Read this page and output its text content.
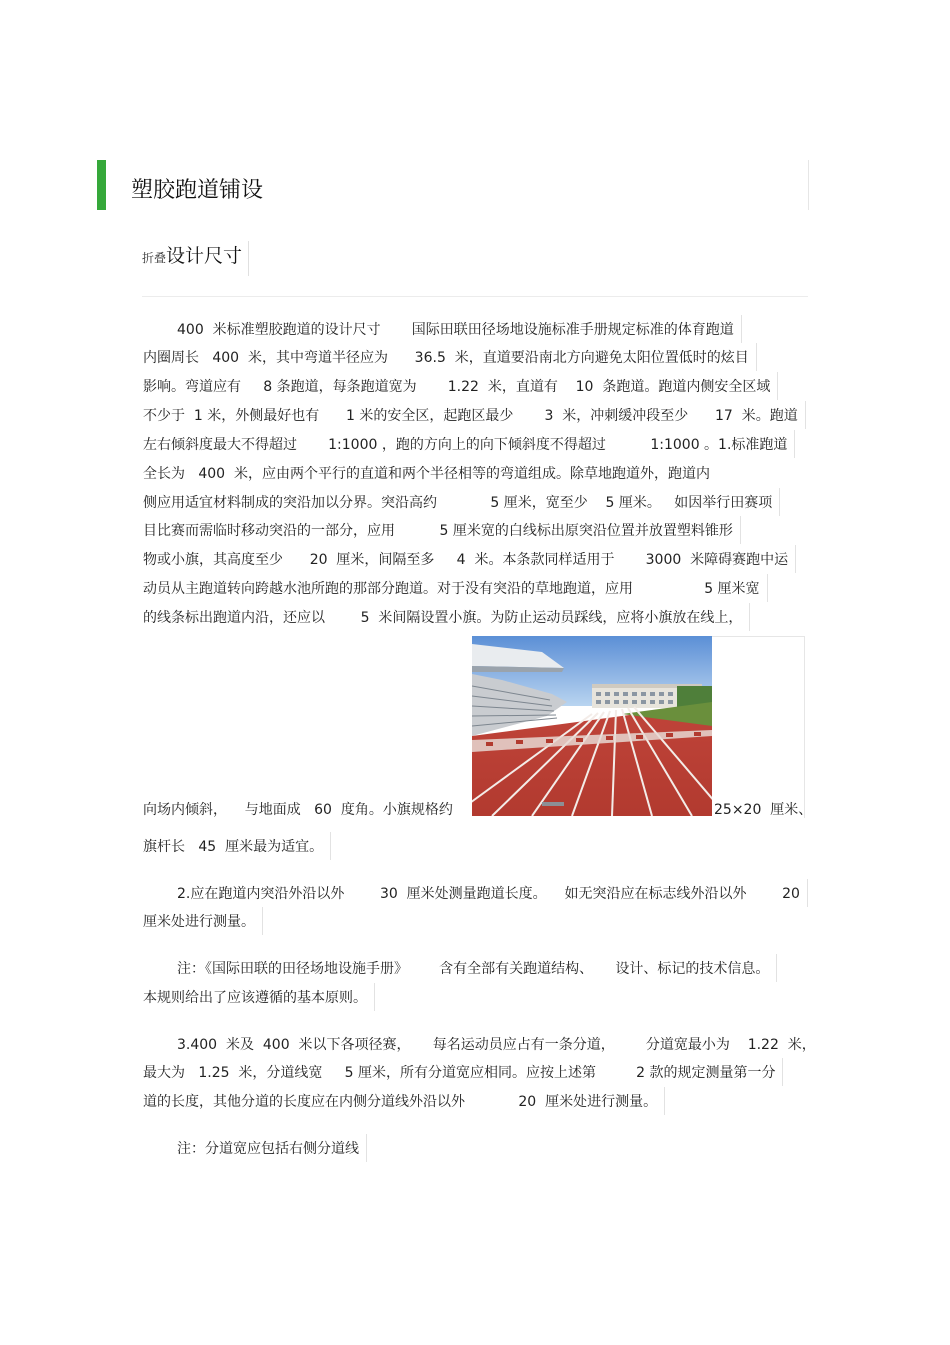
塑胶跑道铺设
折叠设计尺寸
400  米标准塑胶跑道的设计尺寸       国际田联田径场地设施标准手册规定标准的体育跑道
内圈周长   400  米，其中弯道半径应为      36.5  米，直道要沿南北方向避免太阳位置低时的炫目
影响。弯道应有     8 条跑道，每条跑道宽为       1.22  米，直道有    10  条跑道。跑道内侧安全区域
不少于  1 米，外侧最好也有      1 米的安全区，起跑区最少       3  米，冲刺缓冲段至少      17  米。跑道
左右倾斜度最大不得超过       1:1000 ，跑的方向上的向下倾斜度不得超过          1:1000 。1.标准跑道
全长为   400  米，应由两个平行的直道和两个半径相等的弯道组成。除草地跑道外，跑道内
侧应用适宜材料制成的突沿加以分界。突沿高约            5 厘米，宽至少    5 厘米。   如因举行田赛项
目比赛而需临时移动突沿的一部分，应用          5 厘米宽的白线标出原突沿位置并放置塑料锥形
物或小旗，其高度至少      20  厘米，间隔至多     4  米。本条款同样适用于       3000  米障碍赛跑中运
动员从主跑道转向跨越水池所跑的那部分跑道。对于没有突沿的草地跑道，应用                5 厘米宽
的线条标出跑道内沿，还应以        5  米间隔设置小旗。为防止运动员踩线，应将小旗放在线上，
向场内倾斜，    与地面成   60  度角。小旗规格约	25×20  厘米、
旗杆长   45  厘米最为适宜。
2.应在跑道内突沿外沿以外        30  厘米处测量跑道长度。    如无突沿应在标志线外沿以外        20
厘米处进行测量。
注：《国际田联的田径场地设施手册》       含有全部有关跑道结构、     设计、标记的技术信息。
本规则给出了应该遵循的基本原则。
3.400  米及  400  米以下各项径赛，     每名运动员应占有一条分道，       分道宽最小为    1.22  米，
最大为   1.25  米，分道线宽     5 厘米，所有分道宽应相同。应按上述第         2 款的规定测量第一分
道的长度，其他分道的长度应在内侧分道线外沿以外            20  厘米处进行测量。
注：分道宽应包括右侧分道线
